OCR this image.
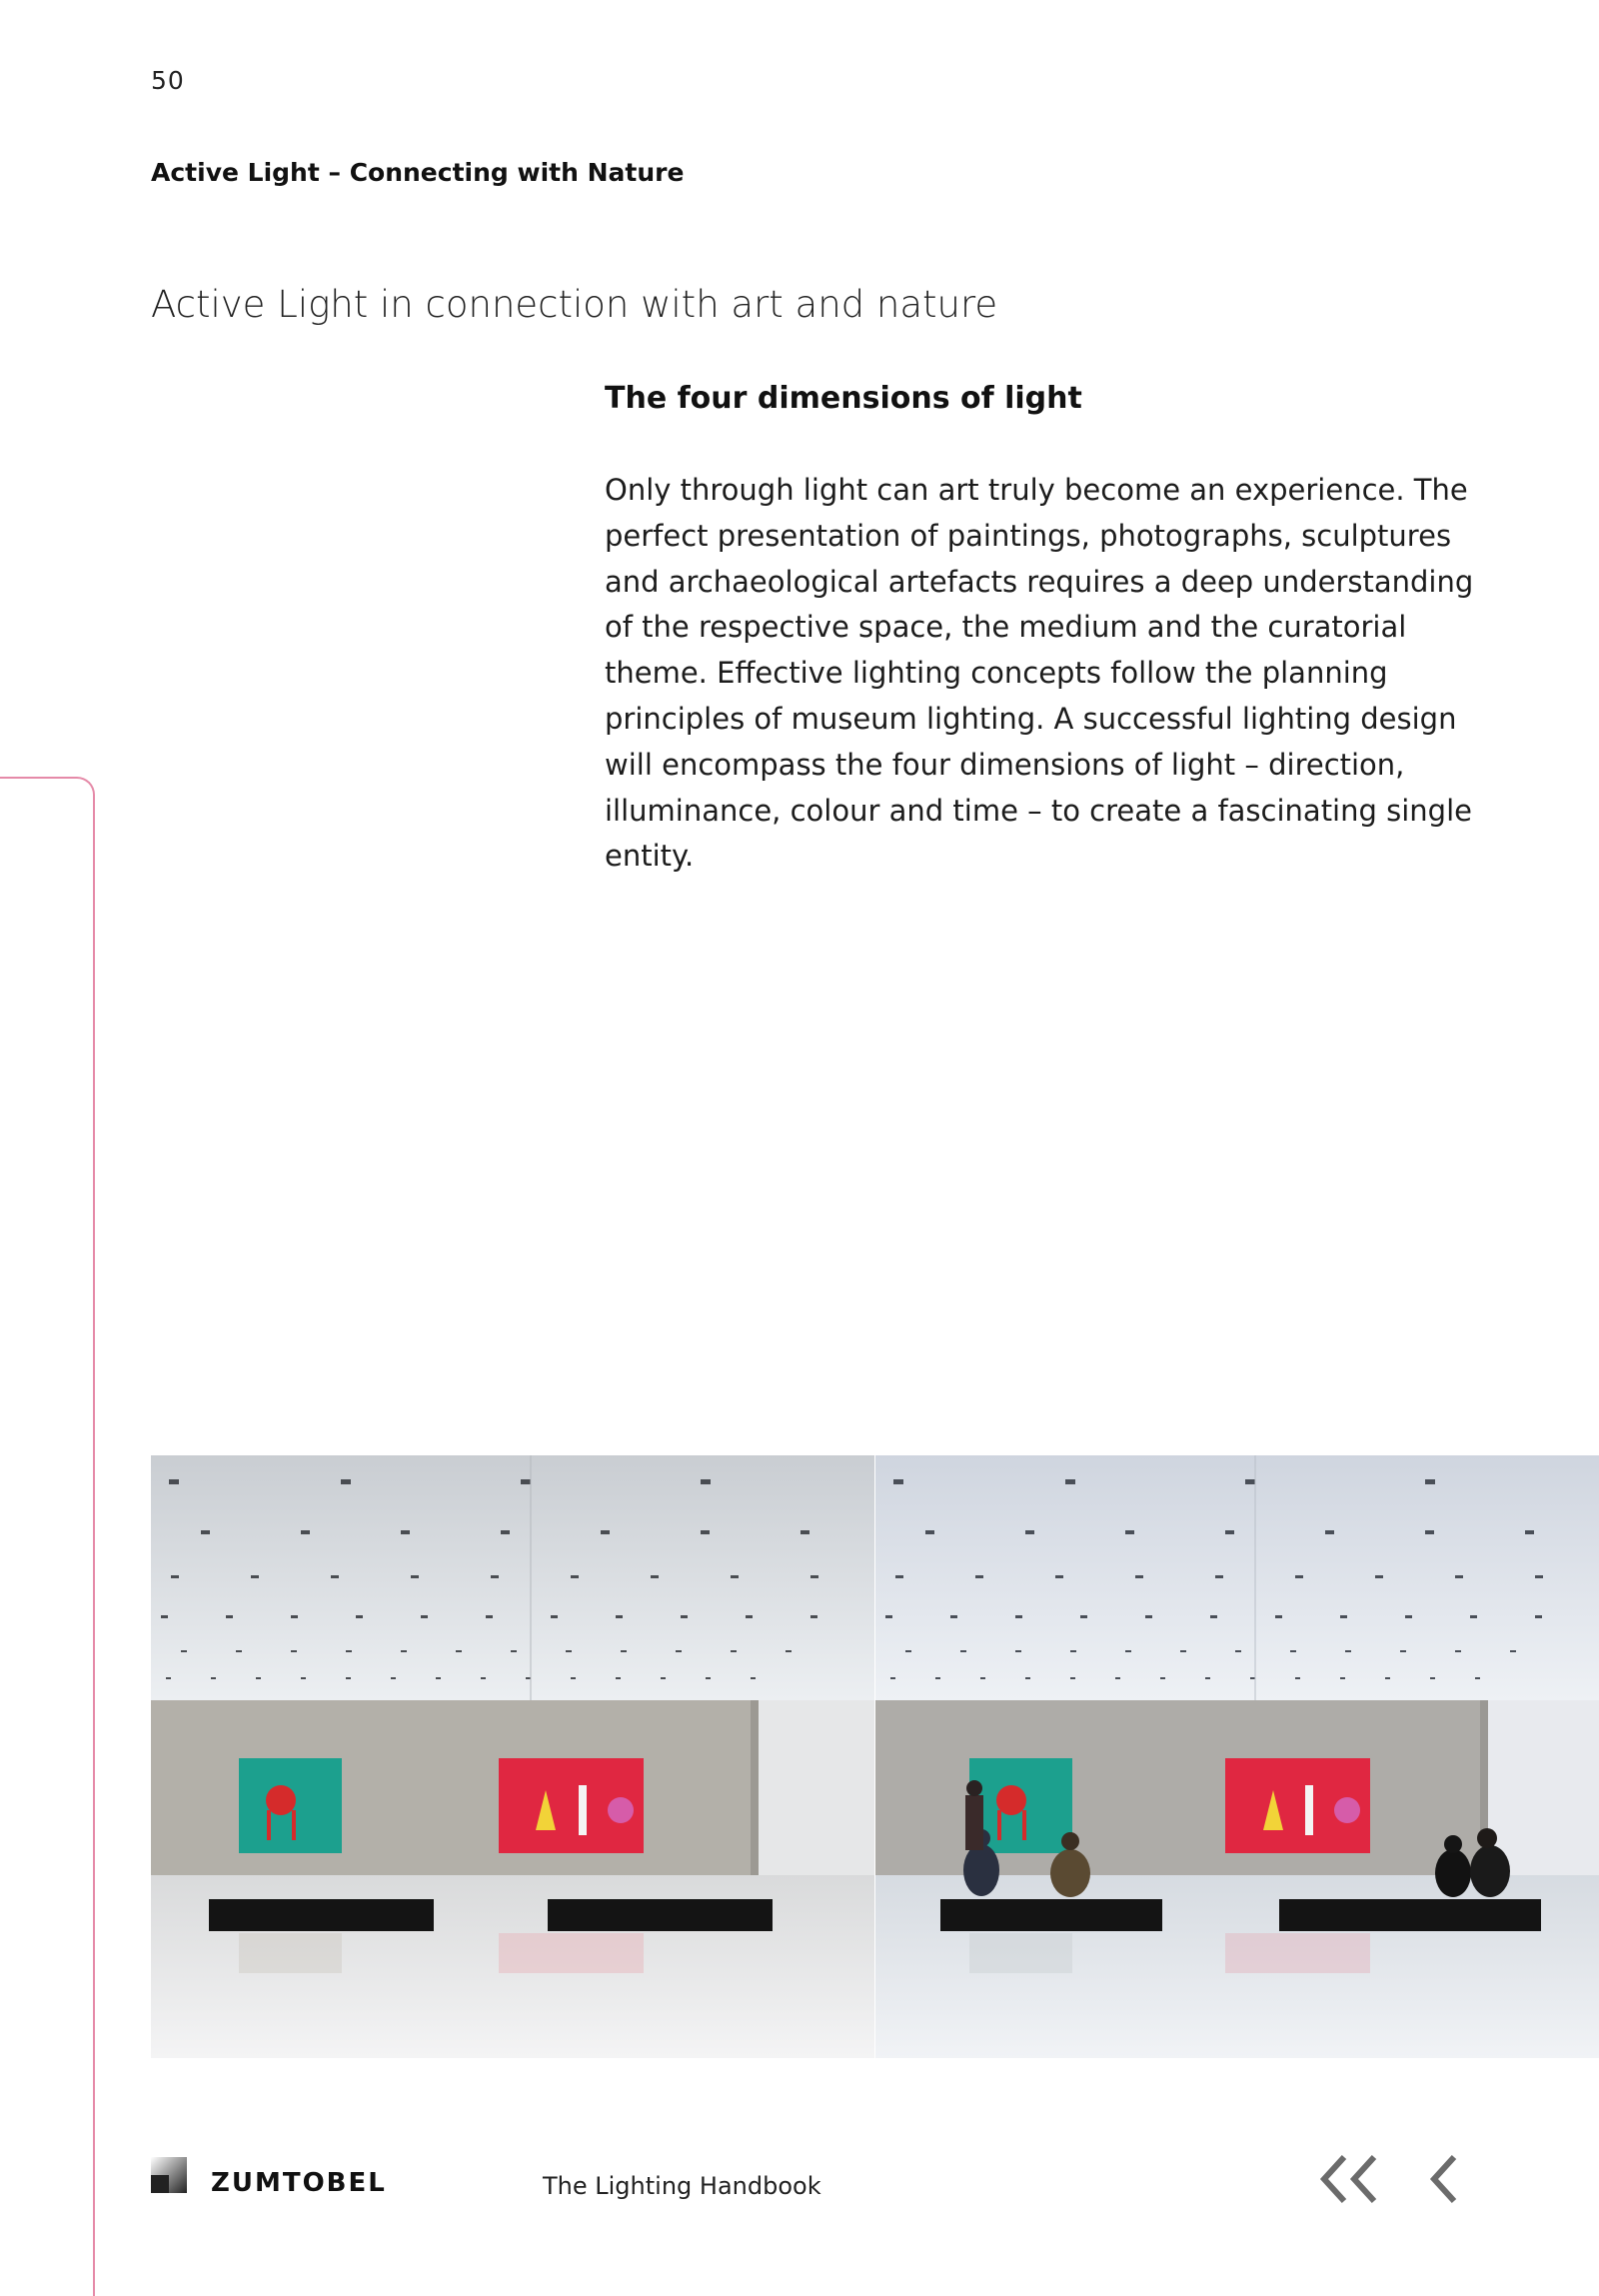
50
Active Light – Connecting with Nature
Active Light in connection with art and nature
The four dimensions of light

Only through light can art truly become an experience. The perfect presentation of paintings, photographs, sculptures and archaeological artefacts requires a deep understanding of the respective space, the medium and the curatorial theme. Effective lighting concepts follow the planning principles of museum lighting. A successful lighting design will encompass the four dimensions of light – direction, illuminance, colour and time – to create a fascinating single entity.

ZUMTOBEL	The Lighting Handbook
